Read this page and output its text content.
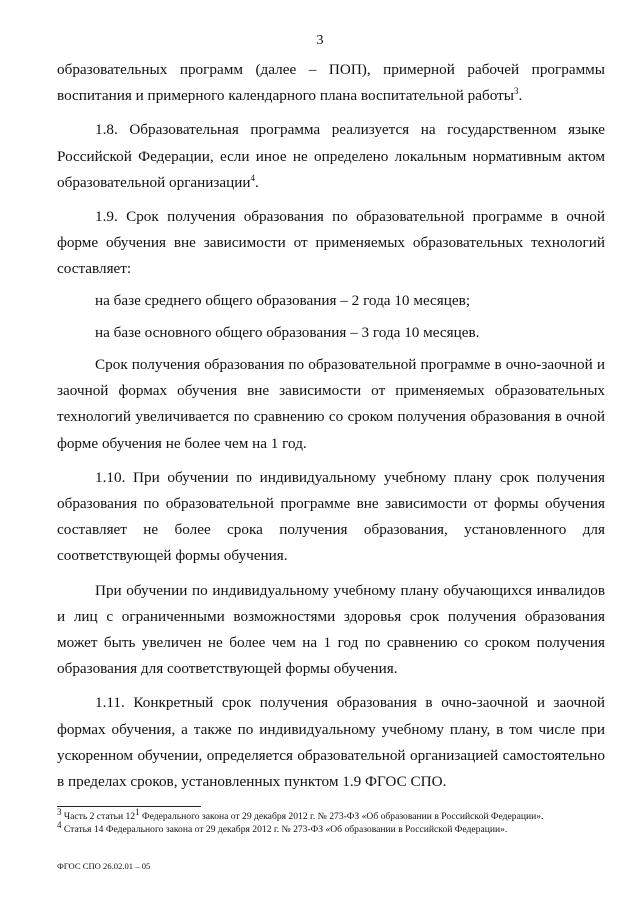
3

образовательных программ (далее – ПОП), примерной рабочей программы воспитания и примерного календарного плана воспитательной работы$^3$.

1.8. Образовательная программа реализуется на государственном языке Российской Федерации, если иное не определено локальным нормативным актом образовательной организации$^4$.

1.9. Срок получения образования по образовательной программе в очной форме обучения вне зависимости от применяемых образовательных технологий составляет:

на базе среднего общего образования – 2 года 10 месяцев;

на базе основного общего образования – 3 года 10 месяцев.

Срок получения образования по образовательной программе в очно-заочной и заочной формах обучения вне зависимости от применяемых образовательных технологий увеличивается по сравнению со сроком получения образования в очной форме обучения не более чем на 1 год.

1.10. При обучении по индивидуальному учебному плану срок получения образования по образовательной программе вне зависимости от формы обучения составляет не более срока получения образования, установленного для соответствующей формы обучения.

При обучении по индивидуальному учебному плану обучающихся инвалидов и лиц с ограниченными возможностями здоровья срок получения образования может быть увеличен не более чем на 1 год по сравнению со сроком получения образования для соответствующей формы обучения.

1.11. Конкретный срок получения образования в очно-заочной и заочной формах обучения, а также по индивидуальному учебному плану, в том числе при ускоренном обучении, определяется образовательной организацией самостоятельно в пределах сроков, установленных пунктом 1.9 ФГОС СПО.

$^3$ Часть 2 статьи $12^1$ Федерального закона от 29 декабря 2012 г. № 273-ФЗ «Об образовании в Российской Федерации».

$^4$ Статья 14 Федерального закона от 29 декабря 2012 г. № 273-ФЗ «Об образовании в Российской Федерации».

ФГОС СПО 26.02.01 – 05
